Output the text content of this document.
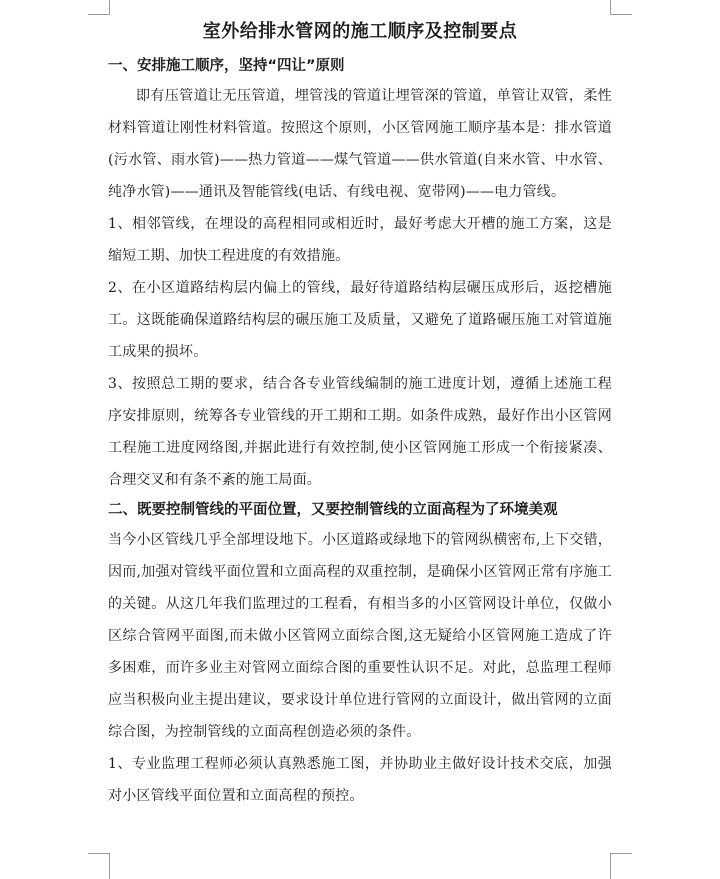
室外给排水管网的施工顺序及控制要点
一、安排施工顺序，坚持“四让”原则

即有压管道让无压管道，埋管浅的管道让埋管深的管道，单管让双管，柔性材料管道让刚性材料管道。按照这个原则，小区管网施工顺序基本是：排水管道(污水管、雨水管)——热力管道——煤气管道——供水管道(自来水管、中水管、纯净水管)——通讯及智能管线(电话、有线电视、宽带网)——电力管线。

1、相邻管线，在埋设的高程相同或相近时，最好考虑大开槽的施工方案，这是缩短工期、加快工程进度的有效措施。

2、在小区道路结构层内偏上的管线，最好待道路结构层碾压成形后，返挖槽施工。这既能确保道路结构层的碾压施工及质量，又避免了道路碾压施工对管道施工成果的损坏。

3、按照总工期的要求，结合各专业管线编制的施工进度计划，遵循上述施工程序安排原则，统筹各专业管线的开工期和工期。如条件成熟，最好作出小区管网工程施工进度网络图,并据此进行有效控制,使小区管网施工形成一个衔接紧凑、合理交叉和有条不紊的施工局面。

二、既要控制管线的平面位置，又要控制管线的立面高程为了环境美观

当今小区管线几乎全部埋设地下。小区道路或绿地下的管网纵横密布,上下交错，因而,加强对管线平面位置和立面高程的双重控制，是确保小区管网正常有序施工的关键。从这几年我们监理过的工程看，有相当多的小区管网设计单位，仅做小区综合管网平面图,而未做小区管网立面综合图,这无疑给小区管网施工造成了许多困难，而许多业主对管网立面综合图的重要性认识不足。对此，总监理工程师应当积极向业主提出建议，要求设计单位进行管网的立面设计，做出管网的立面综合图，为控制管线的立面高程创造必须的条件。

1、专业监理工程师必须认真熟悉施工图，并协助业主做好设计技术交底，加强对小区管线平面位置和立面高程的预控。
